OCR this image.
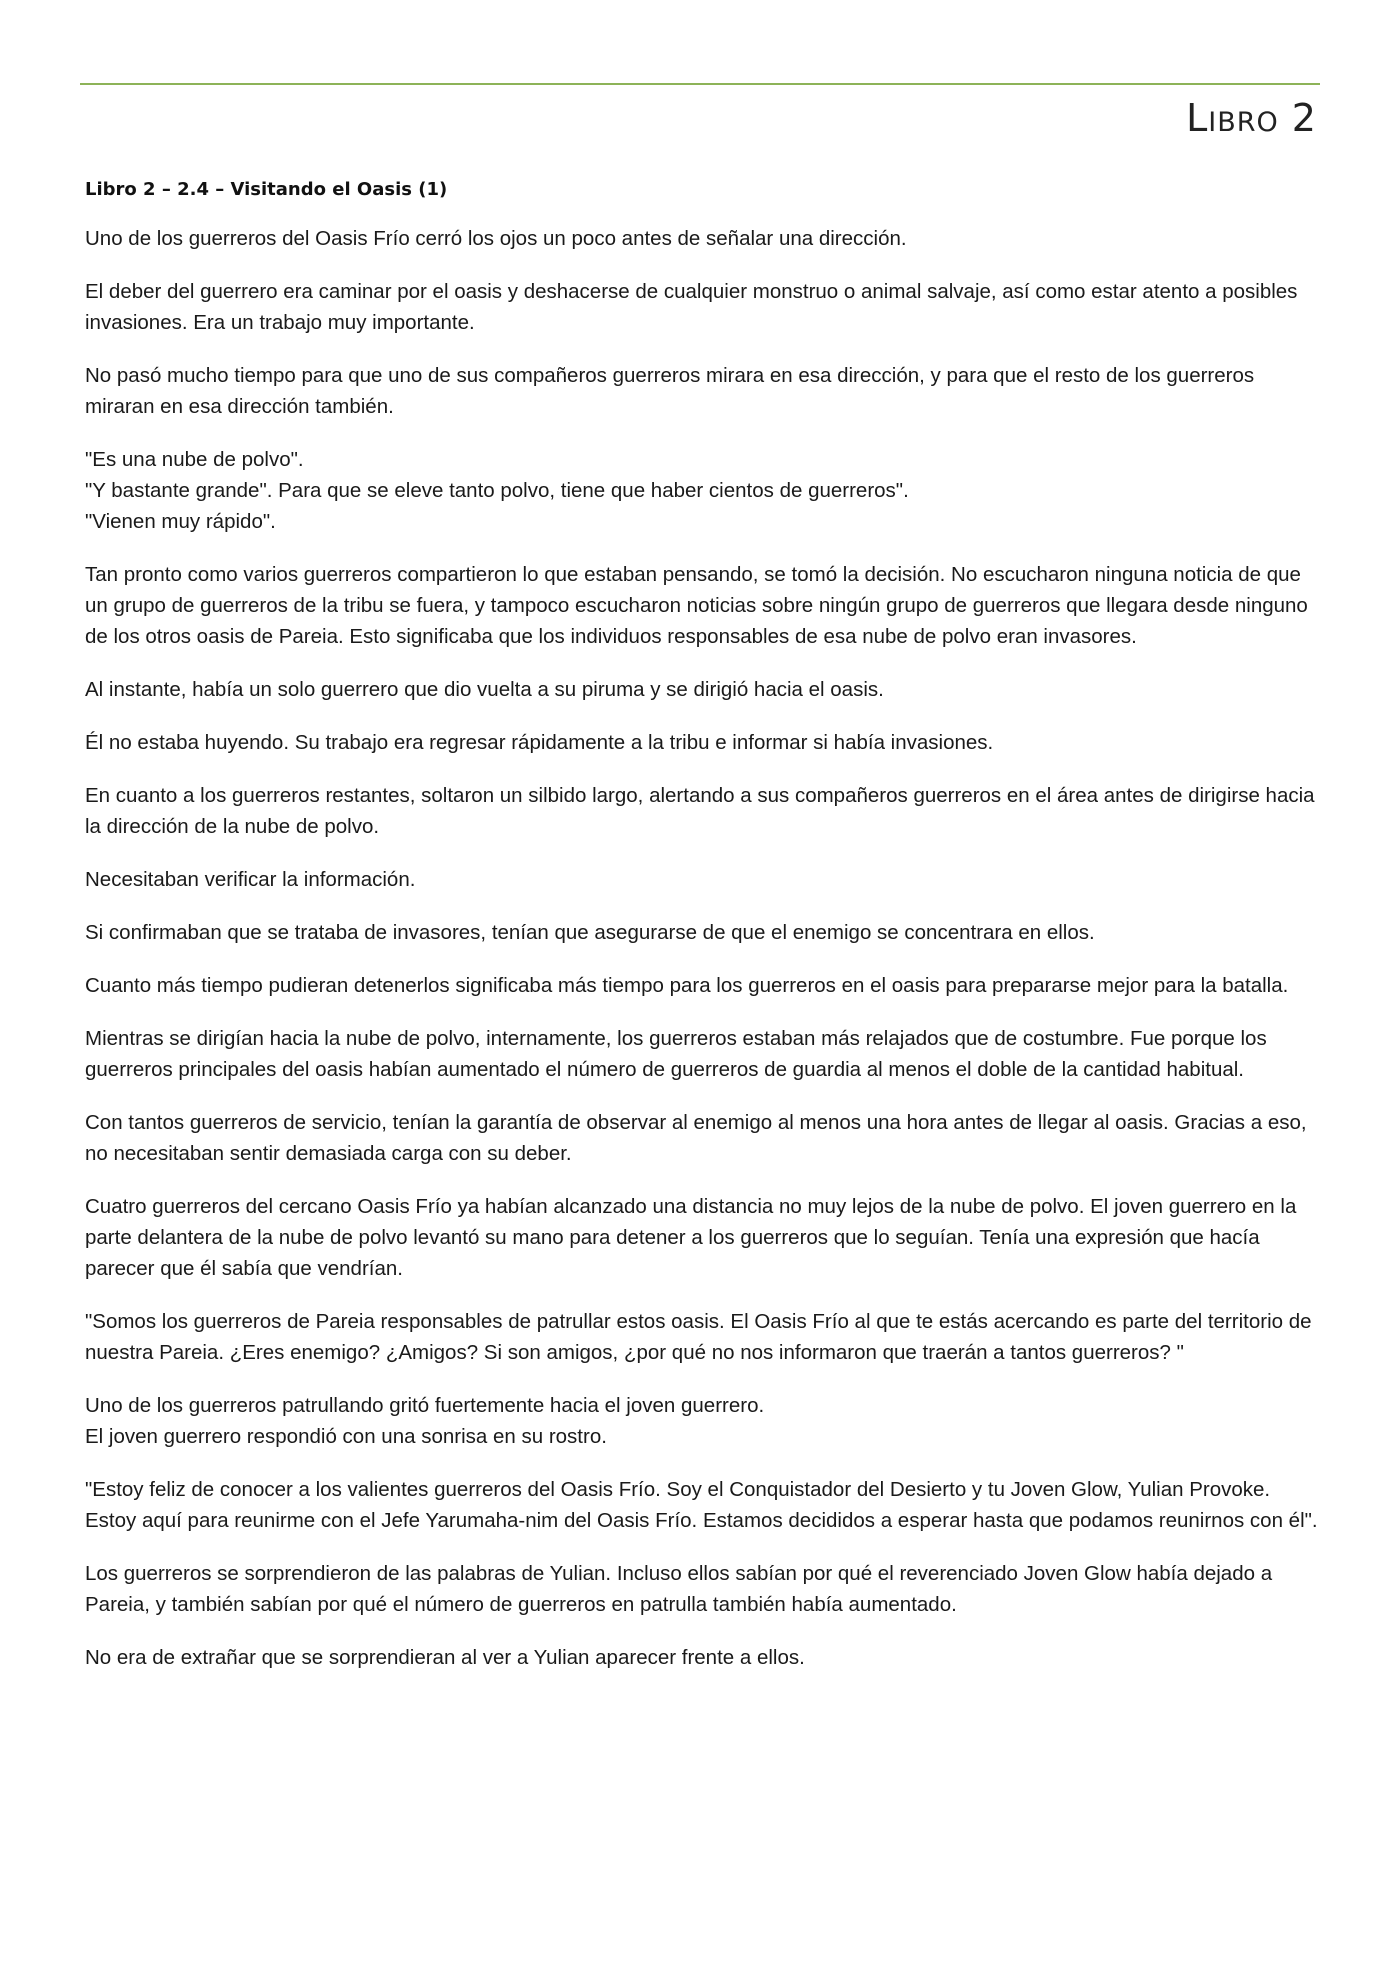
Libro 2
Libro 2 – 2.4 – Visitando el Oasis (1)

Uno de los guerreros del Oasis Frío cerró los ojos un poco antes de señalar una dirección.

El deber del guerrero era caminar por el oasis y deshacerse de cualquier monstruo o animal salvaje, así como estar atento a posibles invasiones. Era un trabajo muy importante.

No pasó mucho tiempo para que uno de sus compañeros guerreros mirara en esa dirección, y para que el resto de los guerreros miraran en esa dirección también.

"Es una nube de polvo".
"Y bastante grande". Para que se eleve tanto polvo, tiene que haber cientos de guerreros".
"Vienen muy rápido".

Tan pronto como varios guerreros compartieron lo que estaban pensando, se tomó la decisión. No escucharon ninguna noticia de que un grupo de guerreros de la tribu se fuera, y tampoco escucharon noticias sobre ningún grupo de guerreros que llegara desde ninguno de los otros oasis de Pareia. Esto significaba que los individuos responsables de esa nube de polvo eran invasores.

Al instante, había un solo guerrero que dio vuelta a su piruma y se dirigió hacia el oasis.

Él no estaba huyendo. Su trabajo era regresar rápidamente a la tribu e informar si había invasiones.

En cuanto a los guerreros restantes, soltaron un silbido largo, alertando a sus compañeros guerreros en el área antes de dirigirse hacia la dirección de la nube de polvo.

Necesitaban verificar la información.

Si confirmaban que se trataba de invasores, tenían que asegurarse de que el enemigo se concentrara en ellos.

Cuanto más tiempo pudieran detenerlos significaba más tiempo para los guerreros en el oasis para prepararse mejor para la batalla.

Mientras se dirigían hacia la nube de polvo, internamente, los guerreros estaban más relajados que de costumbre. Fue porque los guerreros principales del oasis habían aumentado el número de guerreros de guardia al menos el doble de la cantidad habitual.

Con tantos guerreros de servicio, tenían la garantía de observar al enemigo al menos una hora antes de llegar al oasis. Gracias a eso, no necesitaban sentir demasiada carga con su deber.

Cuatro guerreros del cercano Oasis Frío ya habían alcanzado una distancia no muy lejos de la nube de polvo. El joven guerrero en la parte delantera de la nube de polvo levantó su mano para detener a los guerreros que lo seguían. Tenía una expresión que hacía parecer que él sabía que vendrían.

"Somos los guerreros de Pareia responsables de patrullar estos oasis. El Oasis Frío al que te estás acercando es parte del territorio de nuestra Pareia. ¿Eres enemigo? ¿Amigos? Si son amigos, ¿por qué no nos informaron que traerán a tantos guerreros? "

Uno de los guerreros patrullando gritó fuertemente hacia el joven guerrero.
El joven guerrero respondió con una sonrisa en su rostro.

"Estoy feliz de conocer a los valientes guerreros del Oasis Frío. Soy el Conquistador del Desierto y tu Joven Glow, Yulian Provoke. Estoy aquí para reunirme con el Jefe Yarumaha-nim del Oasis Frío. Estamos decididos a esperar hasta que podamos reunirnos con él".

Los guerreros se sorprendieron de las palabras de Yulian. Incluso ellos sabían por qué el reverenciado Joven Glow había dejado a Pareia, y también sabían por qué el número de guerreros en patrulla también había aumentado.

No era de extrañar que se sorprendieran al ver a Yulian aparecer frente a ellos.
